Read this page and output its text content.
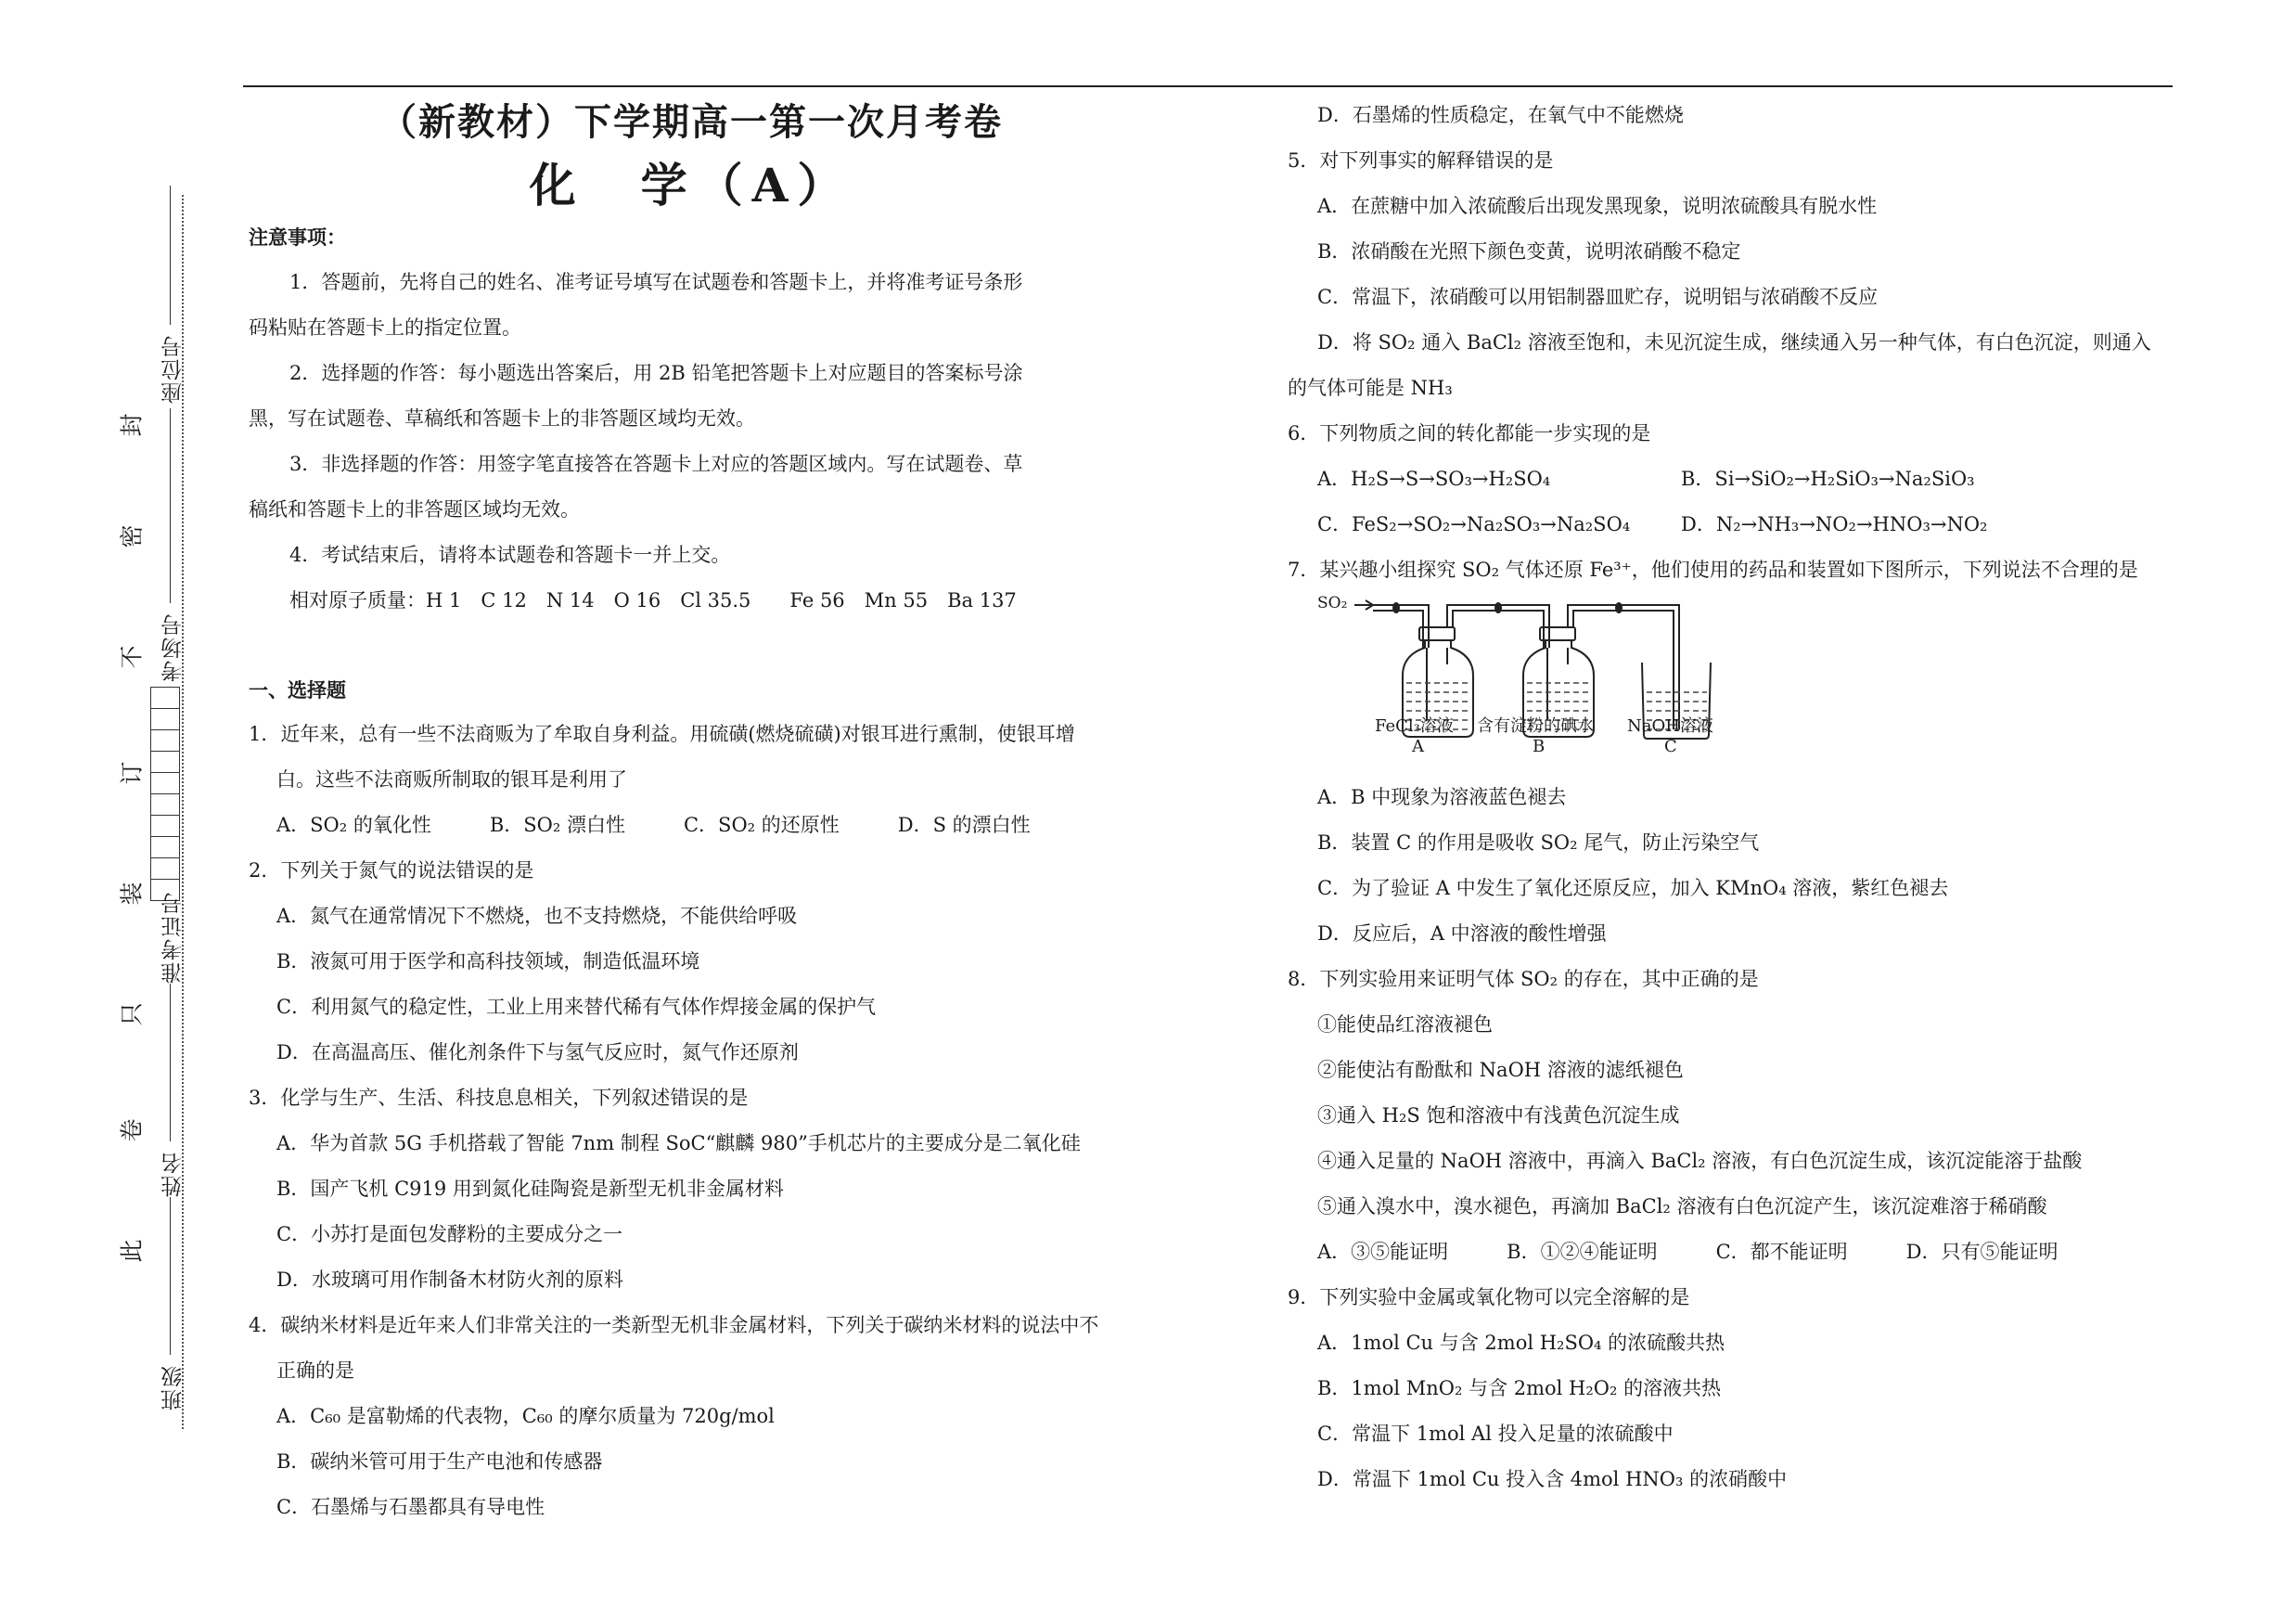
座位号
考场号
准考证号
姓名
班级
封
密
不
订
装
只
卷
此
（新教材）下学期高一第一次月考卷
化　学（A）
注意事项：
1．答题前，先将自己的姓名、准考证号填写在试题卷和答题卡上，并将准考证号条形
码粘贴在答题卡上的指定位置。
2．选择题的作答：每小题选出答案后，用 2B 铅笔把答题卡上对应题目的答案标号涂
黑，写在试题卷、草稿纸和答题卡上的非答题区域均无效。
3．非选择题的作答：用签字笔直接答在答题卡上对应的答题区域内。写在试题卷、草
稿纸和答题卡上的非答题区域均无效。
4．考试结束后，请将本试题卷和答题卡一并上交。
相对原子质量：H 1　C 12　N 14　O 16　Cl 35.5　　Fe 56　Mn 55　Ba 137
一、选择题
1．近年来，总有一些不法商贩为了牟取自身利益。用硫磺(燃烧硫磺)对银耳进行熏制，使银耳增
白。这些不法商贩所制取的银耳是利用了
A．SO₂ 的氧化性　　　B．SO₂ 漂白性　　　C．SO₂ 的还原性　　　D．S 的漂白性
2．下列关于氮气的说法错误的是
A．氮气在通常情况下不燃烧，也不支持燃烧，不能供给呼吸
B．液氮可用于医学和高科技领域，制造低温环境
C．利用氮气的稳定性，工业上用来替代稀有气体作焊接金属的保护气
D．在高温高压、催化剂条件下与氢气反应时，氮气作还原剂
3．化学与生产、生活、科技息息相关，下列叙述错误的是
A．华为首款 5G 手机搭载了智能 7nm 制程 SoC“麒麟 980”手机芯片的主要成分是二氧化硅
B．国产飞机 C919 用到氮化硅陶瓷是新型无机非金属材料
C．小苏打是面包发酵粉的主要成分之一
D．水玻璃可用作制备木材防火剂的原料
4．碳纳米材料是近年来人们非常关注的一类新型无机非金属材料，下列关于碳纳米材料的说法中不
正确的是
A．C₆₀ 是富勒烯的代表物，C₆₀ 的摩尔质量为 720g/mol
B．碳纳米管可用于生产电池和传感器
C．石墨烯与石墨都具有导电性
D．石墨烯的性质稳定，在氧气中不能燃烧
5．对下列事实的解释错误的是
A．在蔗糖中加入浓硫酸后出现发黑现象，说明浓硫酸具有脱水性
B．浓硝酸在光照下颜色变黄，说明浓硝酸不稳定
C．常温下，浓硝酸可以用铝制器皿贮存，说明铝与浓硝酸不反应
D．将 SO₂ 通入 BaCl₂ 溶液至饱和，未见沉淀生成，继续通入另一种气体，有白色沉淀，则通入
的气体可能是 NH₃
6．下列物质之间的转化都能一步实现的是
A．H₂S→S→SO₃→H₂SO₄	B．Si→SiO₂→H₂SiO₃→Na₂SiO₃
C．FeS₂→SO₂→Na₂SO₃→Na₂SO₄	D．N₂→NH₃→NO₂→HNO₃→NO₂
7．某兴趣小组探究 SO₂ 气体还原 Fe³⁺，他们使用的药品和装置如下图所示，下列说法不合理的是
SO₂
FeCl₃溶液
A
含有淀粉的碘水
B
NaOH溶液
C
A．B 中现象为溶液蓝色褪去
B．装置 C 的作用是吸收 SO₂ 尾气，防止污染空气
C．为了验证 A 中发生了氧化还原反应，加入 KMnO₄ 溶液，紫红色褪去
D．反应后，A 中溶液的酸性增强
8．下列实验用来证明气体 SO₂ 的存在，其中正确的是
①能使品红溶液褪色
②能使沾有酚酞和 NaOH 溶液的滤纸褪色
③通入 H₂S 饱和溶液中有浅黄色沉淀生成
④通入足量的 NaOH 溶液中，再滴入 BaCl₂ 溶液，有白色沉淀生成，该沉淀能溶于盐酸
⑤通入溴水中，溴水褪色，再滴加 BaCl₂ 溶液有白色沉淀产生，该沉淀难溶于稀硝酸
A．③⑤能证明　　　B．①②④能证明　　　C．都不能证明　　　D．只有⑤能证明
9．下列实验中金属或氧化物可以完全溶解的是
A．1mol Cu 与含 2mol H₂SO₄ 的浓硫酸共热
B．1mol MnO₂ 与含 2mol H₂O₂ 的溶液共热
C．常温下 1mol Al 投入足量的浓硫酸中
D．常温下 1mol Cu 投入含 4mol HNO₃ 的浓硝酸中
